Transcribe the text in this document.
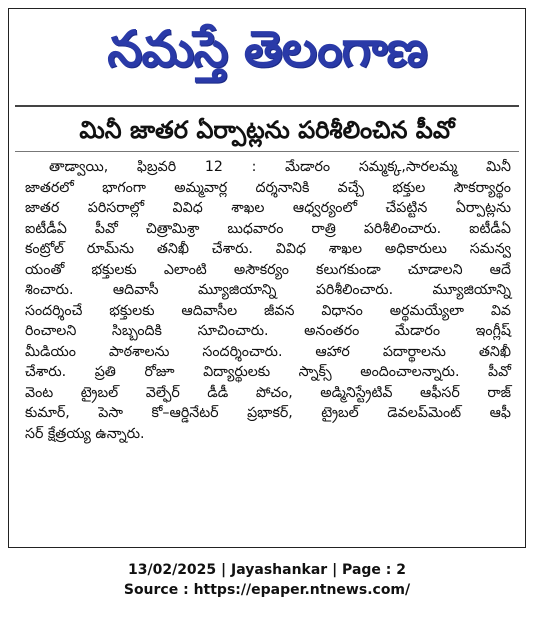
నమస్తే తెలంగాణ
మినీ జాతర ఏర్పాట్లను పరిశీలించిన పీవో

తాడ్వాయి, ఫిబ్రవరి 12 : మేడారం సమ్మక్క,సారలమ్మ మినీ
జాతరలో భాగంగా అమ్మవార్ల దర్శనానికి వచ్చే భక్తుల సౌకర్యార్థం
జాతర పరిసరాల్లో వివిధ శాఖల ఆధ్వర్యంలో చేపట్టిన ఏర్పాట్లను
ఐటీడీఏ పీవో చిత్రామిశ్రా బుధవారం రాత్రి పరిశీలించారు. ఐటీడీఏ
కంట్రోల్ రూమ్‌ను తనిఖీ చేశారు. వివిధ శాఖల అధికారులు సమన్వ
యంతో భక్తులకు ఎలాంటి అసౌకర్యం కలుగకుండా చూడాలని ఆదే
శించారు. ఆదివాసీ మ్యూజియాన్ని పరిశీలించారు. మ్యూజియాన్ని
సందర్శించే భక్తులకు ఆదివాసీల జీవన విధానం అర్థమయ్యేలా వివ
రించాలని సిబ్బందికి సూచించారు. అనంతరం మేడారం ఇంగ్లీష్
మీడియం పాఠశాలను సందర్శించారు. ఆహార పదార్థాలను తనిఖీ
చేశారు. ప్రతి రోజూ విద్యార్థులకు స్నాక్స్ అందించాలన్నారు. పీవో
వెంట ట్రైబల్ వెల్ఫేర్ డీడీ పోచం, అడ్మినిస్ట్రేటివ్ ఆఫీసర్ రాజ్
కుమార్, పెసా కో–ఆర్డినేటర్ ప్రభాకర్, ట్రైబల్ డెవలప్‌మెంట్ ఆఫీ
సర్ క్షేత్రయ్య ఉన్నారు.

13/02/2025 | Jayashankar | Page : 2
Source : https://epaper.ntnews.com/
